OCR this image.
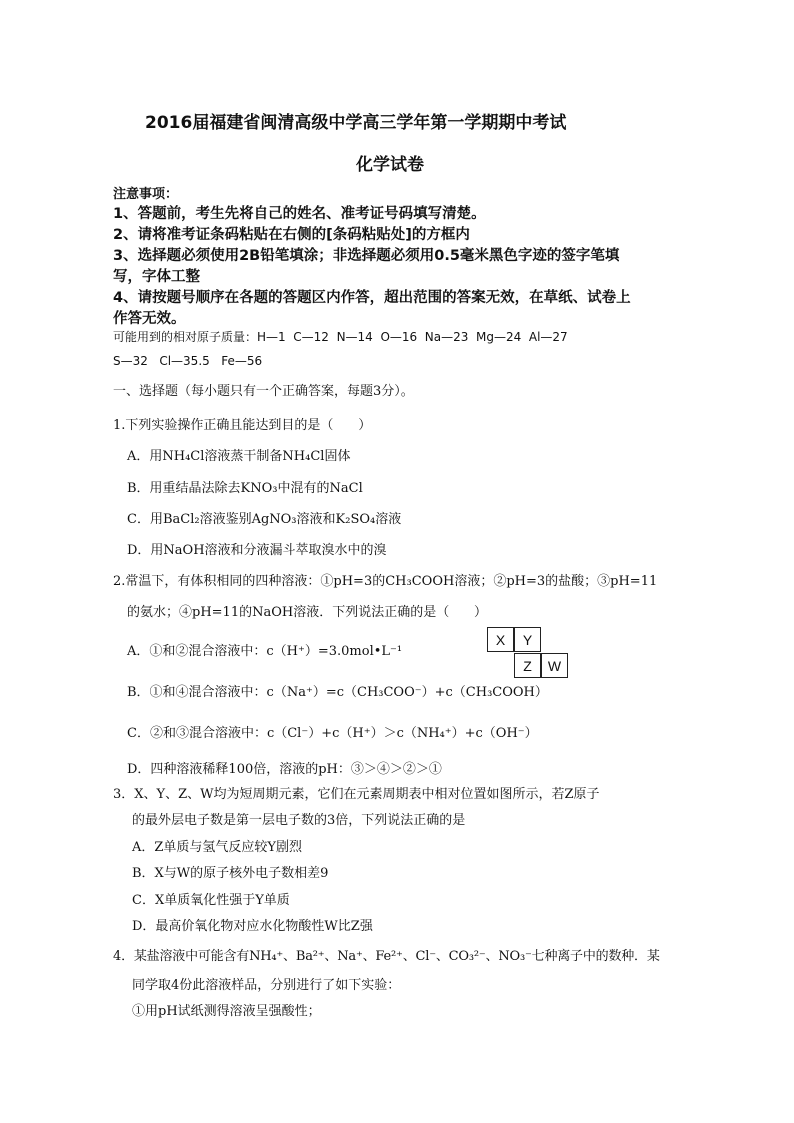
2016届福建省闽清高级中学高三学年第一学期期中考试
化学试卷
注意事项：
1、答题前，考生先将自己的姓名、准考证号码填写清楚。
2、请将准考证条码粘贴在右侧的[条码粘贴处]的方框内
3、选择题必须使用2B铅笔填涂；非选择题必须用0.5毫米黑色字迹的签字笔填
写，字体工整
4、请按题号顺序在各题的答题区内作答，超出范围的答案无效，在草纸、试卷上
作答无效。
可能用到的相对原子质量：H—1  C—12  N—14  O—16  Na—23  Mg—24  Al—27
S—32   Cl—35.5   Fe—56
一、选择题（每小题只有一个正确答案，每题3分）。
1.下列实验操作正确且能达到目的是（      ）
A．用NH₄Cl溶液蒸干制备NH₄Cl固体
B．用重结晶法除去KNO₃中混有的NaCl
C．用BaCl₂溶液鉴别AgNO₃溶液和K₂SO₄溶液
D．用NaOH溶液和分液漏斗萃取溴水中的溴
2.常温下，有体积相同的四种溶液：①pH=3的CH₃COOH溶液；②pH=3的盐酸；③pH=11
的氨水；④pH=11的NaOH溶液．下列说法正确的是（      ）
A．①和②混合溶液中：c（H⁺）=3.0mol•L⁻¹
B．①和④混合溶液中：c（Na⁺）=c（CH₃COO⁻）+c（CH₃COOH）
C．②和③混合溶液中：c（Cl⁻）+c（H⁺）＞c（NH₄⁺）+c（OH⁻）
D．四种溶液稀释100倍，溶液的pH：③＞④＞②＞①
X	Y
Z	W
3．X、Y、Z、W均为短周期元素，它们在元素周期表中相对位置如图所示，若Z原子
的最外层电子数是第一层电子数的3倍，下列说法正确的是
A．Z单质与氢气反应较Y剧烈
B．X与W的原子核外电子数相差9
C．X单质氧化性强于Y单质
D．最高价氧化物对应水化物酸性W比Z强
4．某盐溶液中可能含有NH₄⁺、Ba²⁺、Na⁺、Fe²⁺、Cl⁻、CO₃²⁻、NO₃⁻七种离子中的数种．某
同学取4份此溶液样品，分别进行了如下实验：
①用pH试纸测得溶液呈强酸性；
